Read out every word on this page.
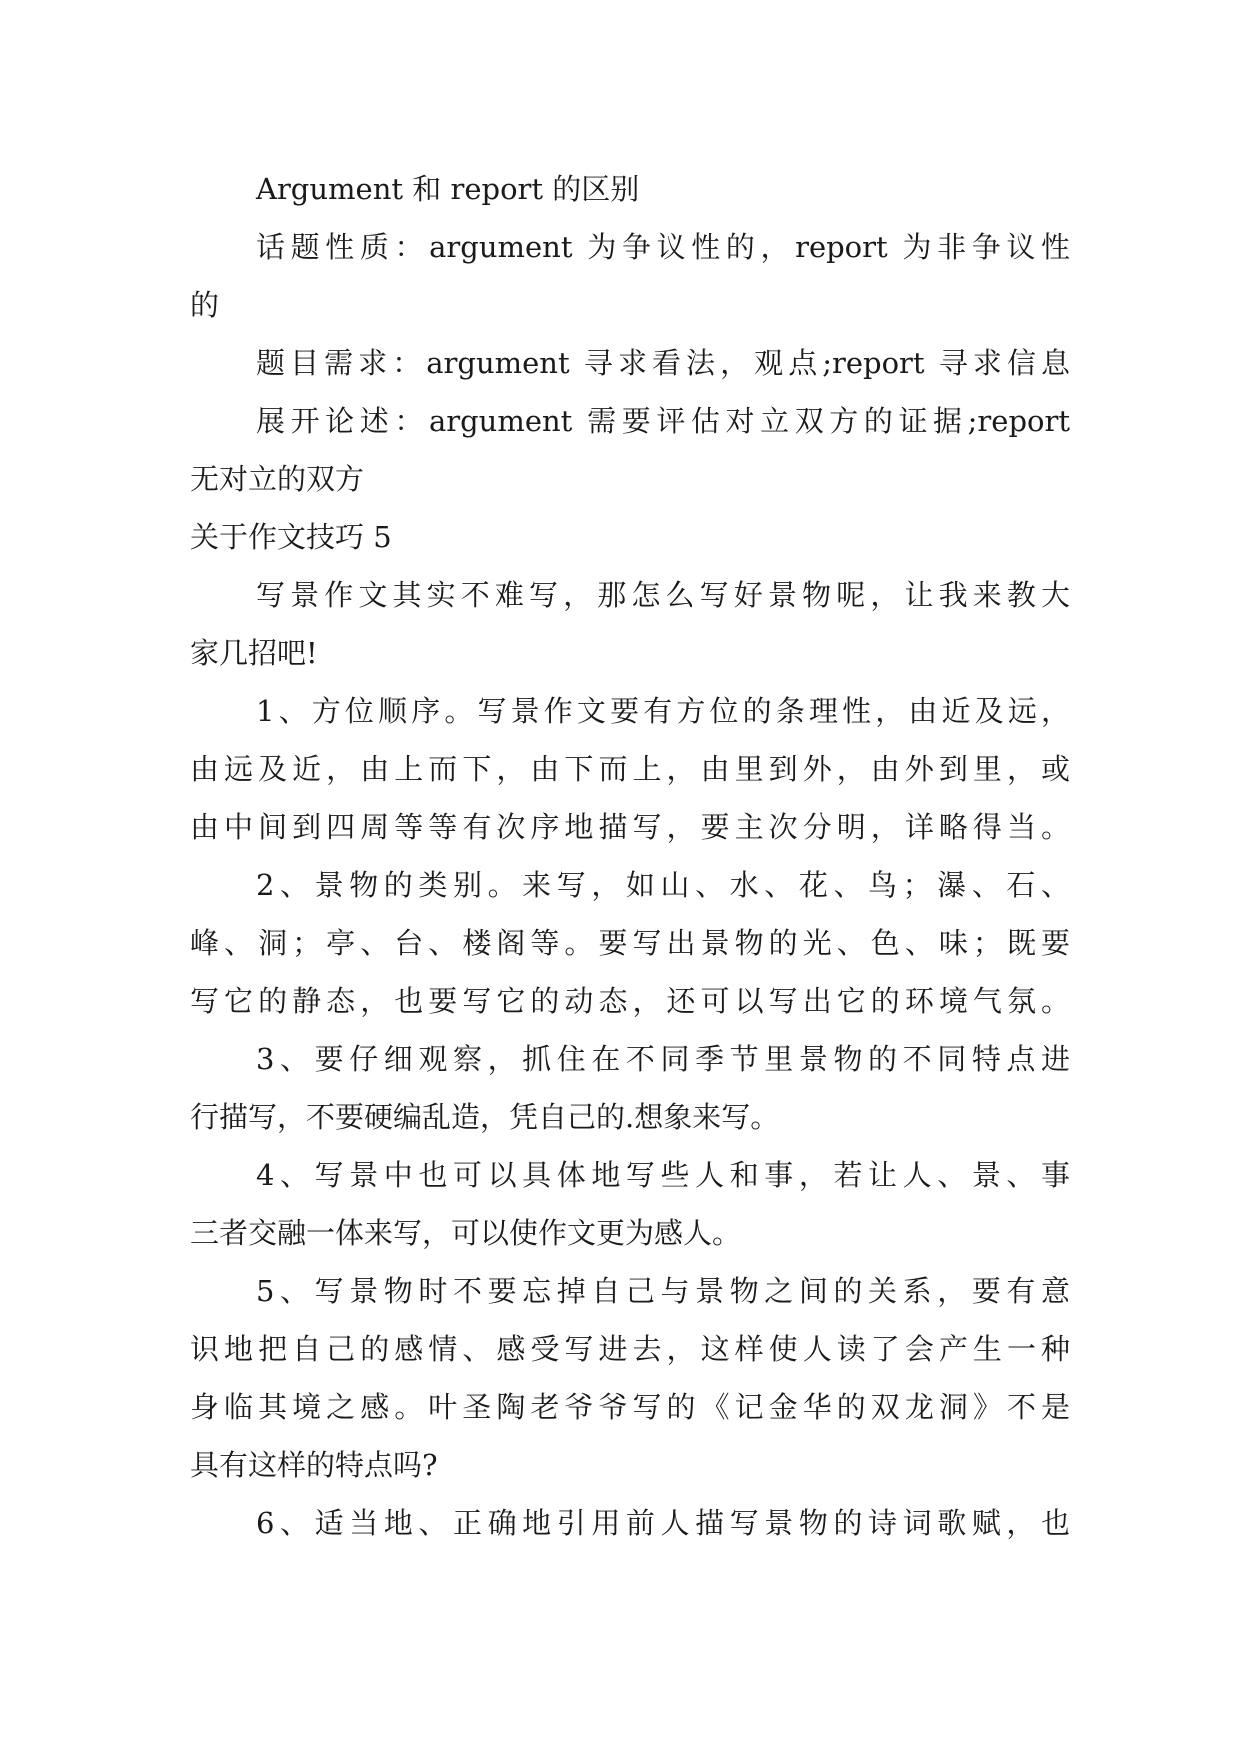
Argument 和 report 的区别
话题性质：argument 为争议性的，report 为非争议性
的
题目需求：argument 寻求看法，观点;report 寻求信息
展开论述：argument 需要评估对立双方的证据;report
无对立的双方
关于作文技巧 5
写景作文其实不难写，那怎么写好景物呢，让我来教大
家几招吧!
1、方位顺序。写景作文要有方位的条理性，由近及远，
由远及近，由上而下，由下而上，由里到外，由外到里，或
由中间到四周等等有次序地描写，要主次分明，详略得当。
2、景物的类别。来写，如山、水、花、鸟；瀑、石、
峰、洞；亭、台、楼阁等。要写出景物的光、色、味；既要
写它的静态，也要写它的动态，还可以写出它的环境气氛。
3、要仔细观察，抓住在不同季节里景物的不同特点进
行描写，不要硬编乱造，凭自己的.想象来写。
4、写景中也可以具体地写些人和事，若让人、景、事
三者交融一体来写，可以使作文更为感人。
5、写景物时不要忘掉自己与景物之间的关系，要有意
识地把自己的感情、感受写进去，这样使人读了会产生一种
身临其境之感。叶圣陶老爷爷写的《记金华的双龙洞》不是
具有这样的特点吗?
6、适当地、正确地引用前人描写景物的诗词歌赋，也
